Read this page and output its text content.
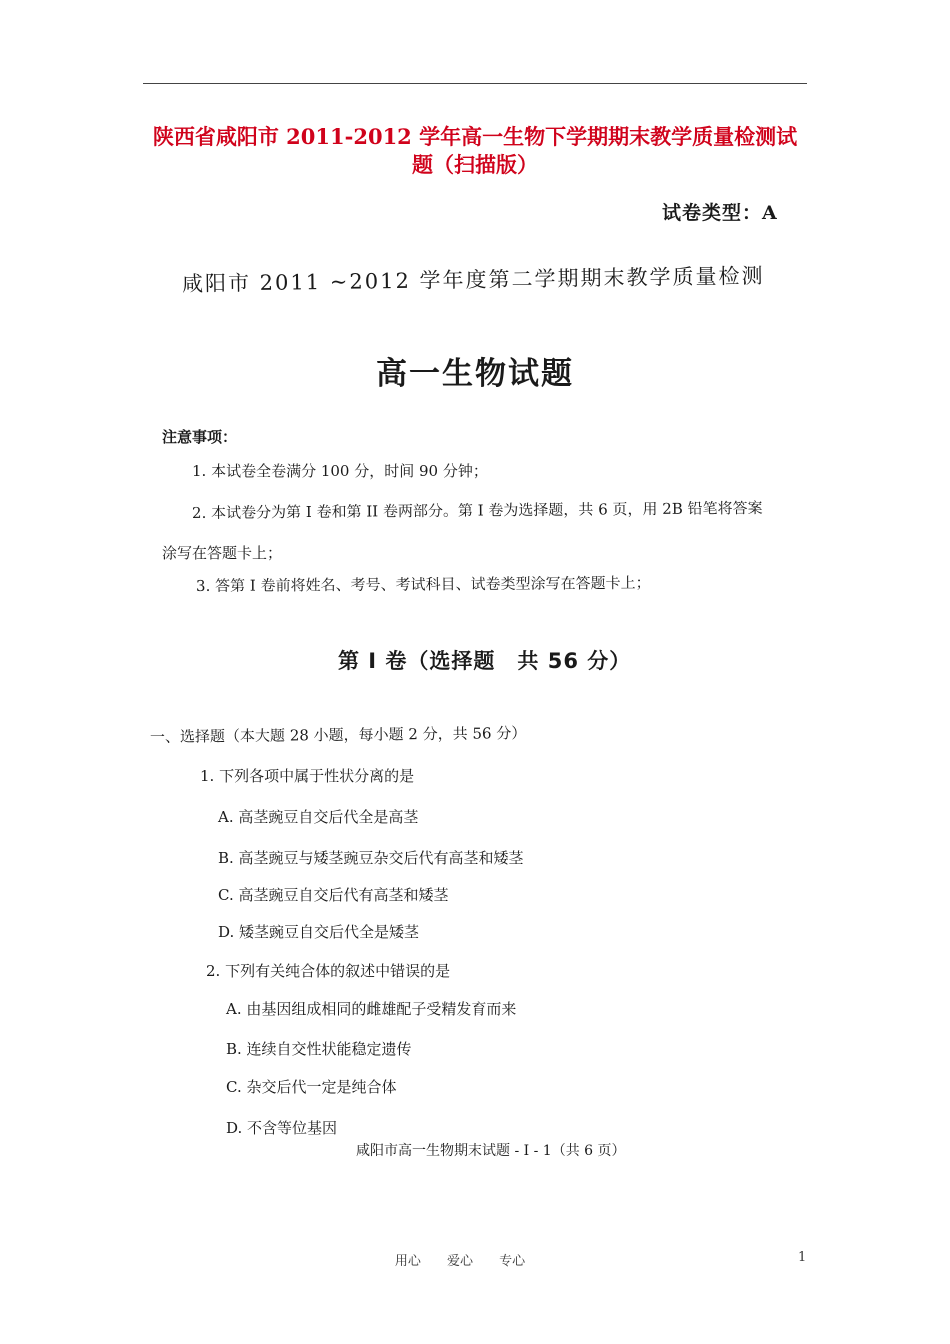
陕西省咸阳市 2011-2012 学年高一生物下学期期末教学质量检测试
题（扫描版）
试卷类型：A
咸阳市 2011 ~2012 学年度第二学期期末教学质量检测
高一生物试题
注意事项：
1. 本试卷全卷满分 100 分，时间 90 分钟；
2. 本试卷分为第 I 卷和第 II 卷两部分。第 I 卷为选择题，共 6 页，用 2B 铅笔将答案
涂写在答题卡上；
3. 答第 I 卷前将姓名、考号、考试科目、试卷类型涂写在答题卡上；
第 I 卷（选择题　共 56 分）
一、选择题（本大题 28 小题，每小题 2 分，共 56 分）
1. 下列各项中属于性状分离的是
A. 高茎豌豆自交后代全是高茎
B. 高茎豌豆与矮茎豌豆杂交后代有高茎和矮茎
C. 高茎豌豆自交后代有高茎和矮茎
D. 矮茎豌豆自交后代全是矮茎
2. 下列有关纯合体的叙述中错误的是
A. 由基因组成相同的雌雄配子受精发育而来
B. 连续自交性状能稳定遗传
C. 杂交后代一定是纯合体
D. 不含等位基因
咸阳市高一生物期末试题 - I - 1（共 6 页）
用心 爱心 专心	1
